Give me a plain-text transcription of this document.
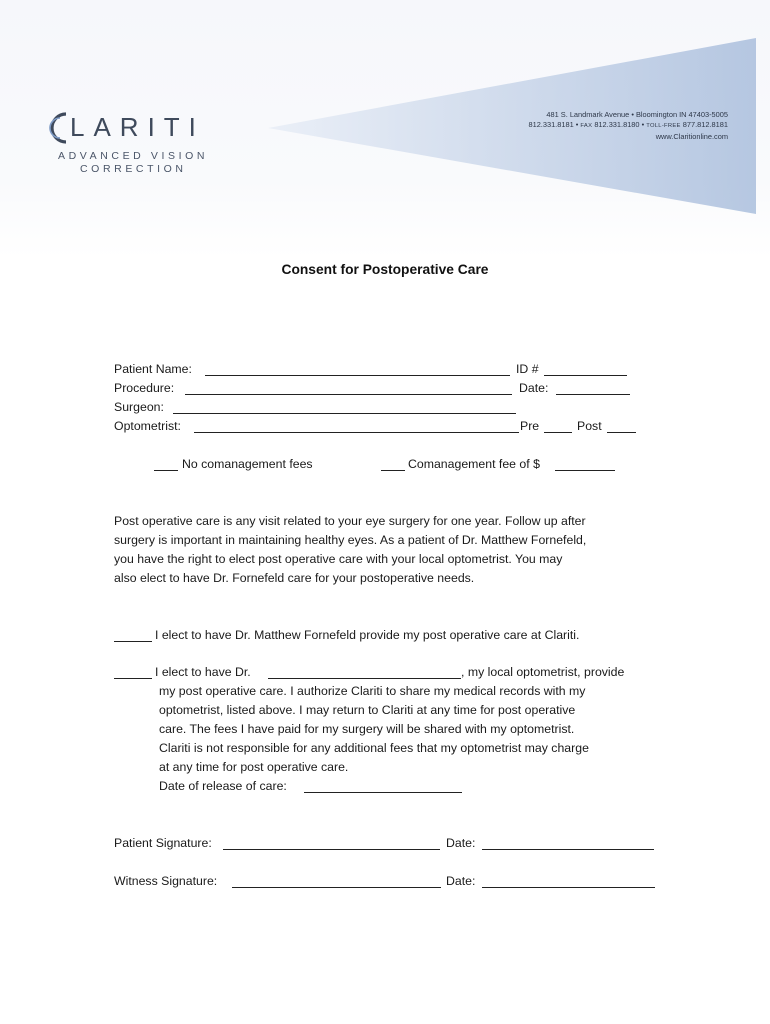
LARITI
ADVANCED VISION
CORRECTION
481 S. Landmark Avenue • Bloomington IN 47403-5005
812.331.8181 • FAX 812.331.8180 • TOLL-FREE 877.812.8181
www.Claritionline.com
Consent for Postoperative Care
Patient Name:	ID #
Procedure:	Date:
Surgeon:
Optometrist:	Pre	Post
No comanagement fees	Comanagement fee of $
Post operative care is any visit related to your eye surgery for one year. Follow up after
surgery is important in maintaining healthy eyes. As a patient of Dr. Matthew Fornefeld,
you have the right to elect post operative care with your local optometrist. You may
also elect to have Dr. Fornefeld care for your postoperative needs.
I elect to have Dr. Matthew Fornefeld provide my post operative care at Clariti.
I elect to have Dr.	, my local optometrist, provide
my post operative care. I authorize Clariti to share my medical records with my
optometrist, listed above. I may return to Clariti at any time for post operative
care. The fees I have paid for my surgery will be shared with my optometrist.
Clariti is not responsible for any additional fees that my optometrist may charge
at any time for post operative care.
Date of release of care:
Patient Signature:	Date:
Witness Signature:	Date:
